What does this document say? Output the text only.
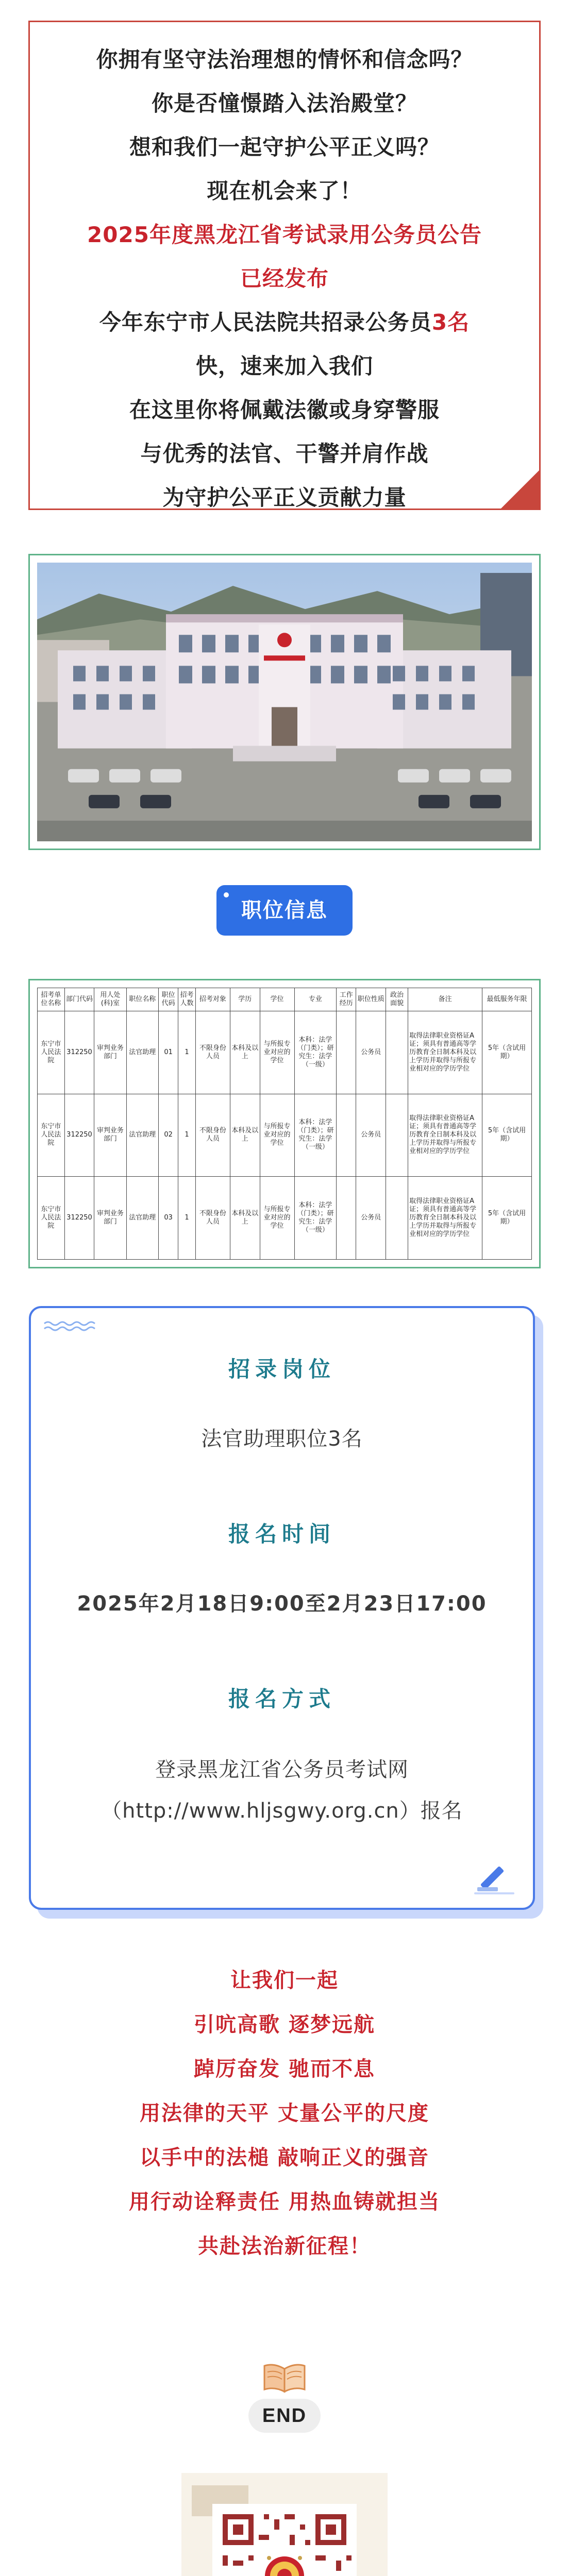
你拥有坚守法治理想的情怀和信念吗？
你是否憧憬踏入法治殿堂？
想和我们一起守护公平正义吗？
现在机会来了！
2025年度黑龙江省考试录用公务员公告
已经发布
今年东宁市人民法院共招录公务员3名
快，速来加入我们
在这里你将佩戴法徽或身穿警服
与优秀的法官、干警并肩作战
为守护公平正义贡献力量
职位信息
招考单位名称	部门代码	用人处(科)室	职位名称	职位代码	招考人数	招考对象	学历	学位	专业	工作经历	职位性质	政治面貌	备注	最低服务年限
东宁市人民法院	312250	审判业务部门	法官助理	01	1	不限身份人员	本科及以上	与所报专业对应的学位	本科：法学（门类）；研究生：法学（一级）		公务员		取得法律职业资格证A证；须具有普通高等学历教育全日制本科及以上学历并取得与所报专业相对应的学历学位	5年（含试用期）
东宁市人民法院	312250	审判业务部门	法官助理	02	1	不限身份人员	本科及以上	与所报专业对应的学位	本科：法学（门类）；研究生：法学（一级）		公务员		取得法律职业资格证A证；须具有普通高等学历教育全日制本科及以上学历并取得与所报专业相对应的学历学位	5年（含试用期）
东宁市人民法院	312250	审判业务部门	法官助理	03	1	不限身份人员	本科及以上	与所报专业对应的学位	本科：法学（门类）；研究生：法学（一级）		公务员		取得法律职业资格证A证；须具有普通高等学历教育全日制本科及以上学历并取得与所报专业相对应的学历学位	5年（含试用期）
招录岗位
法官助理职位3名
报名时间
2025年2月18日9:00至2月23日17:00
报名方式
登录黑龙江省公务员考试网
（http://www.hljsgwy.org.cn）报名
让我们一起
引吭高歌 逐梦远航
踔厉奋发 驰而不息
用法律的天平 丈量公平的尺度
以手中的法槌 敲响正义的强音
用行动诠释责任 用热血铸就担当
共赴法治新征程！
END
